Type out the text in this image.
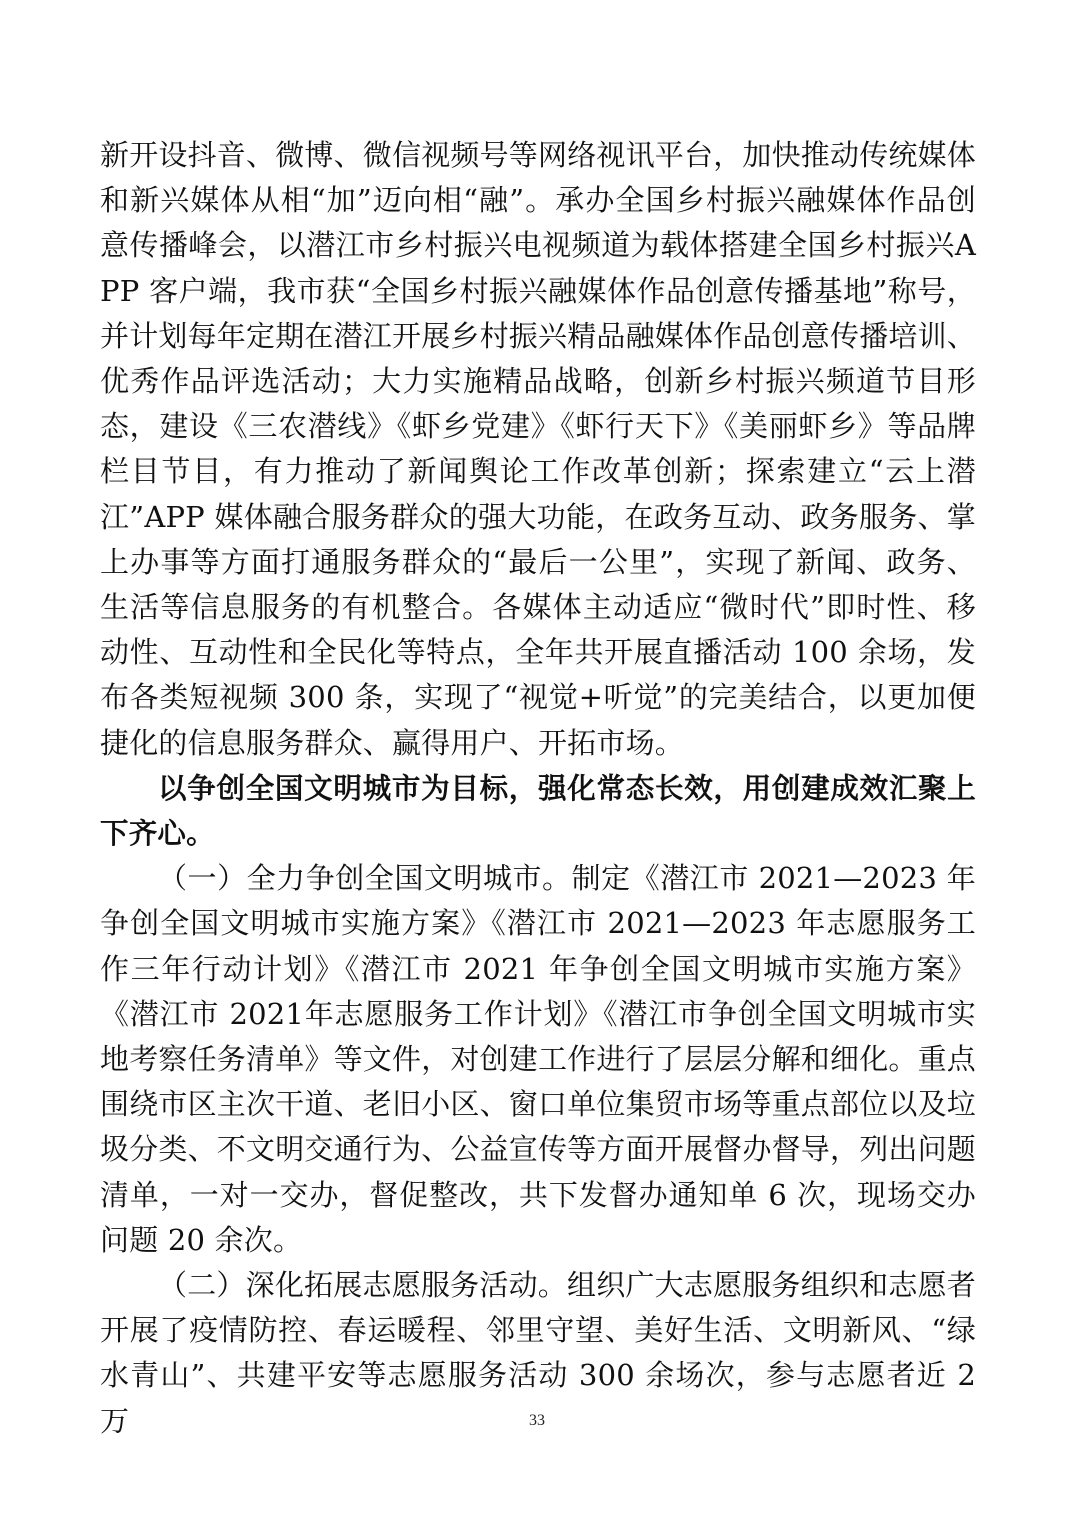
新开设抖音、微博、微信视频号等网络视讯平台，加快推动传统媒体和新兴媒体从相“加”迈向相“融”。承办全国乡村振兴融媒体作品创意传播峰会，以潜江市乡村振兴电视频道为载体搭建全国乡村振兴APP 客户端，我市获“全国乡村振兴融媒体作品创意传播基地”称号，并计划每年定期在潜江开展乡村振兴精品融媒体作品创意传播培训、优秀作品评选活动；大力实施精品战略，创新乡村振兴频道节目形态，建设《三农潜线》《虾乡党建》《虾行天下》《美丽虾乡》等品牌栏目节目，有力推动了新闻舆论工作改革创新；探索建立“云上潜江”APP 媒体融合服务群众的强大功能，在政务互动、政务服务、掌上办事等方面打通服务群众的“最后一公里”，实现了新闻、政务、生活等信息服务的有机整合。各媒体主动适应“微时代”即时性、移动性、互动性和全民化等特点，全年共开展直播活动 100 余场，发布各类短视频 300 条，实现了“视觉+听觉”的完美结合，以更加便捷化的信息服务群众、赢得用户、开拓市场。

以争创全国文明城市为目标，强化常态长效，用创建成效汇聚上下齐心。

（一）全力争创全国文明城市。制定《潜江市 2021—2023 年争创全国文明城市实施方案》《潜江市 2021—2023 年志愿服务工作三年行动计划》《潜江市 2021 年争创全国文明城市实施方案》《潜江市 2021年志愿服务工作计划》《潜江市争创全国文明城市实地考察任务清单》等文件，对创建工作进行了层层分解和细化。重点围绕市区主次干道、老旧小区、窗口单位集贸市场等重点部位以及垃圾分类、不文明交通行为、公益宣传等方面开展督办督导，列出问题清单，一对一交办，督促整改，共下发督办通知单 6 次，现场交办问题 20 余次。

（二）深化拓展志愿服务活动。组织广大志愿服务组织和志愿者开展了疫情防控、春运暖程、邻里守望、美好生活、文明新风、“绿水青山”、共建平安等志愿服务活动 300 余场次，参与志愿者近 2 万	33
